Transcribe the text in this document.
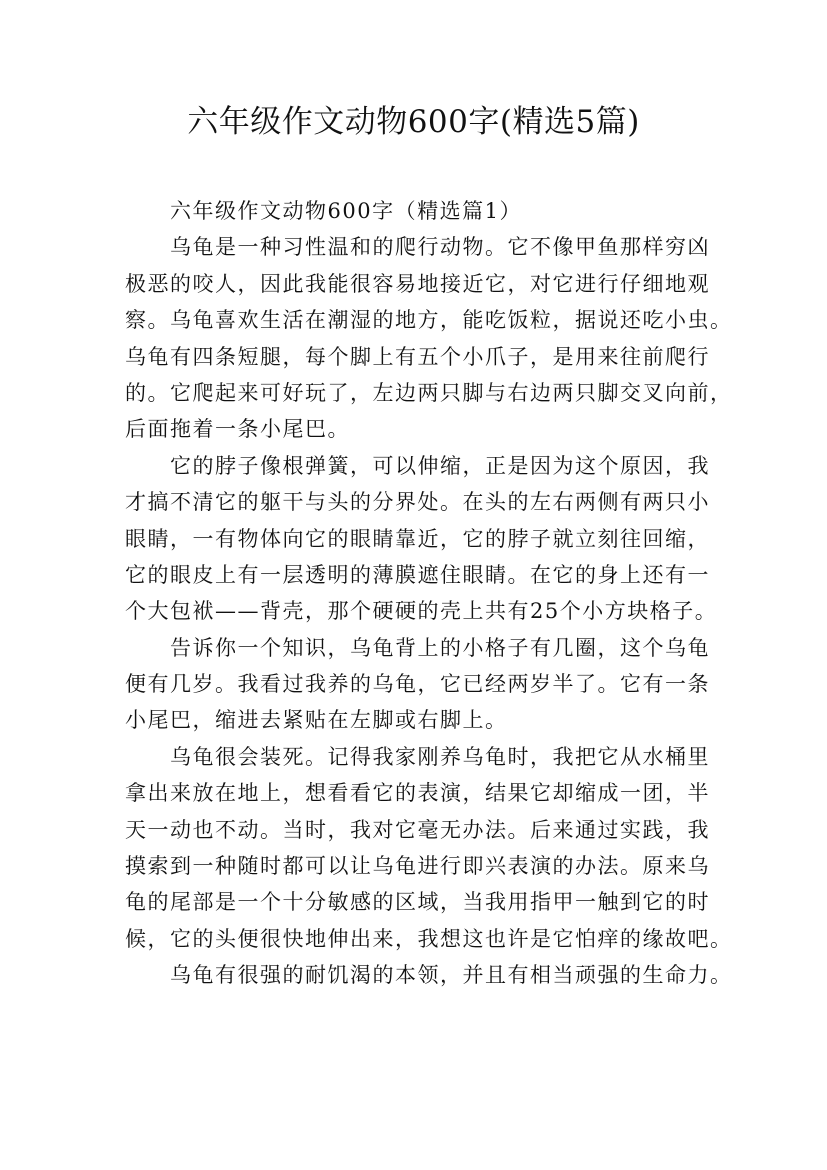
六年级作文动物600字(精选5篇)
六年级作文动物600字（精选篇1）
乌龟是一种习性温和的爬行动物。它不像甲鱼那样穷凶
极恶的咬人，因此我能很容易地接近它，对它进行仔细地观
察。乌龟喜欢生活在潮湿的地方，能吃饭粒，据说还吃小虫。
乌龟有四条短腿，每个脚上有五个小爪子，是用来往前爬行
的。它爬起来可好玩了，左边两只脚与右边两只脚交叉向前，
后面拖着一条小尾巴。
它的脖子像根弹簧，可以伸缩，正是因为这个原因，我
才搞不清它的躯干与头的分界处。在头的左右两侧有两只小
眼睛，一有物体向它的眼睛靠近，它的脖子就立刻往回缩，
它的眼皮上有一层透明的薄膜遮住眼睛。在它的身上还有一
个大包袱——背壳，那个硬硬的壳上共有25个小方块格子。
告诉你一个知识，乌龟背上的小格子有几圈，这个乌龟
便有几岁。我看过我养的乌龟，它已经两岁半了。它有一条
小尾巴，缩进去紧贴在左脚或右脚上。
乌龟很会装死。记得我家刚养乌龟时，我把它从水桶里
拿出来放在地上，想看看它的表演，结果它却缩成一团，半
天一动也不动。当时，我对它毫无办法。后来通过实践，我
摸索到一种随时都可以让乌龟进行即兴表演的办法。原来乌
龟的尾部是一个十分敏感的区域，当我用指甲一触到它的时
候，它的头便很快地伸出来，我想这也许是它怕痒的缘故吧。
乌龟有很强的耐饥渴的本领，并且有相当顽强的生命力。
